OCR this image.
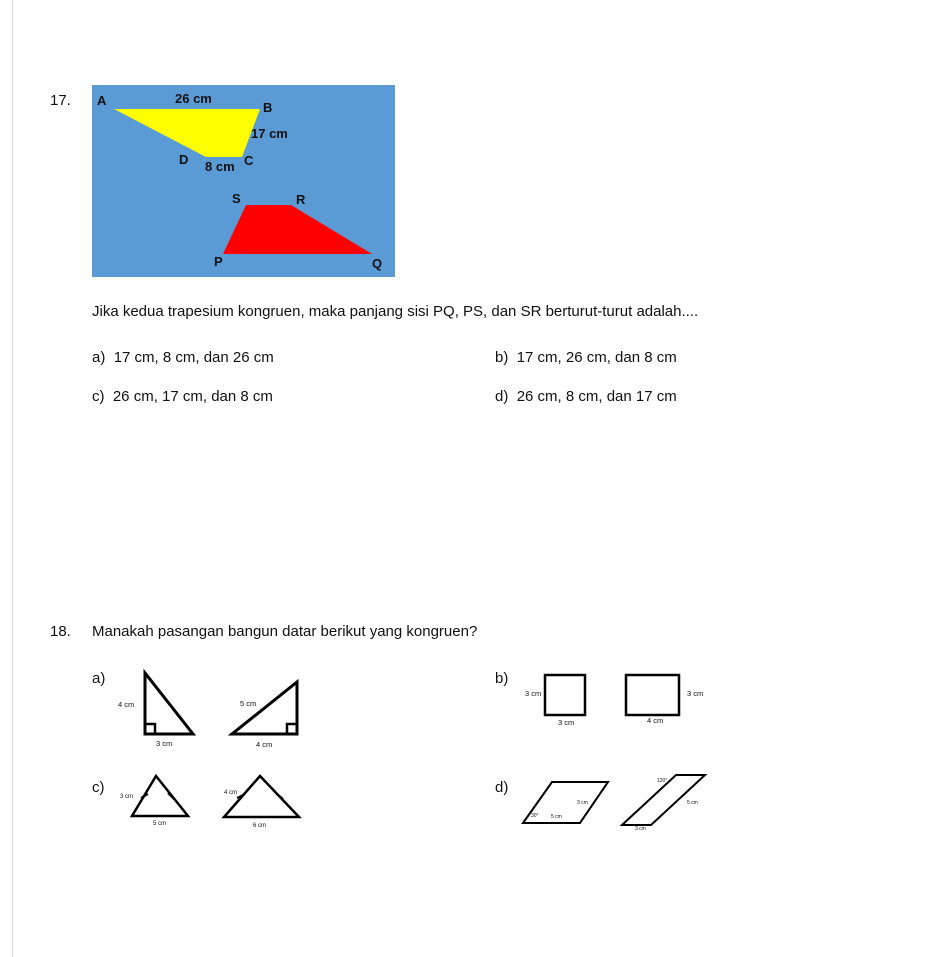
17. A	26 cm
B
17 cm
D 8 cm C
S	R
P	Q
Jika kedua trapesium kongruen, maka panjang sisi PQ, PS, dan SR berturut-turut adalah....
a) 17 cm, 8 cm, dan 26 cm	b) 17 cm, 26 cm, dan 8 cm
c) 26 cm, 17 cm, dan 8 cm	d) 26 cm, 8 cm, dan 17 cm
18. Manakah pasangan bangun datar berikut yang kongruen?
a)
4 cm
3 cm
5 cm
4 cm
b)
3 cm
3 cm
3 cm
4 cm
c)
3 cm
5 cm
4 cm
6 cm
d)
30° 5 cm
3 cm
120°
5 cm
3 cm
